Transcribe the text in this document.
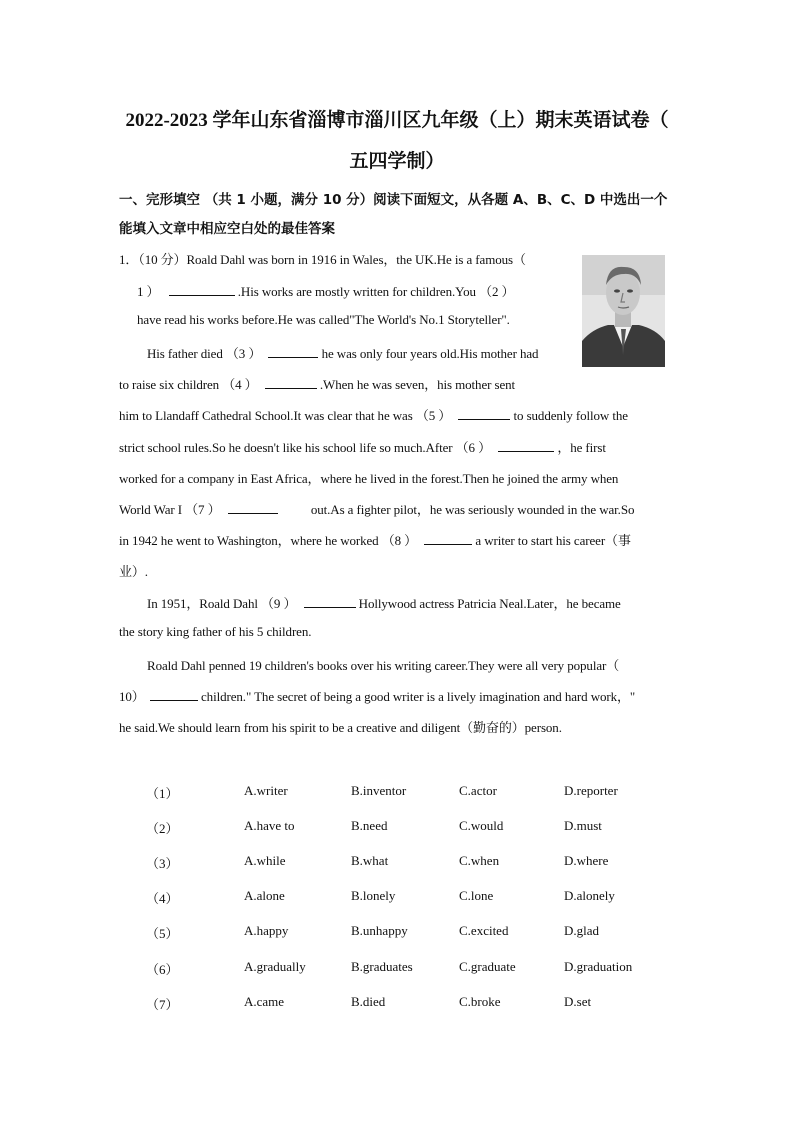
2022-2023 学年山东省淄博市淄川区九年级（上）期末英语试卷（
五四学制）
一、完形填空 （共 1 小题，满分 10 分）阅读下面短文，从各题 A、B、C、D 中选出一个
能填入文章中相应空白处的最佳答案
1．（10 分）Roald Dahl was born in 1916 in Wales，the UK.He is a famous（
1 ）	.His works are mostly written for children.You （2 ）
have read his works before.He was called"The World's No.1 Storyteller".
His father died （3 ）	he was only four years old.His mother had
to raise six children （4 ）	.When he was seven，his mother sent
him to Llandaff Cathedral School.It was clear that he was （5 ）	to suddenly follow the
strict school rules.So he doesn't like his school life so much.After （6 ）	，he first
worked for a company in East Africa，where he lived in the forest.Then he joined the army when
World War I （7 ）	out.As a fighter pilot，he was seriously wounded in the war.So
in 1942 he went to Washington，where he worked （8 ）	a writer to start his career（事
业）.
In 1951，Roald Dahl （9 ）	Hollywood actress Patricia Neal.Later，he became
the story king father of his 5 children.
Roald Dahl penned 19 children's books over his writing career.They were all very popular（
10）	children." The secret of being a good writer is a lively imagination and hard work，"
he said.We should learn from his spirit to be a creative and diligent（勤奋的）person.
（1）	A.writer	B.inventor	C.actor	D.reporter
（2）	A.have to	B.need	C.would	D.must
（3）	A.while	B.what	C.when	D.where
（4）	A.alone	B.lonely	C.lone	D.alonely
（5）	A.happy	B.unhappy	C.excited	D.glad
（6）	A.gradually	B.graduates	C.graduate	D.graduation
（7）	A.came	B.died	C.broke	D.set
